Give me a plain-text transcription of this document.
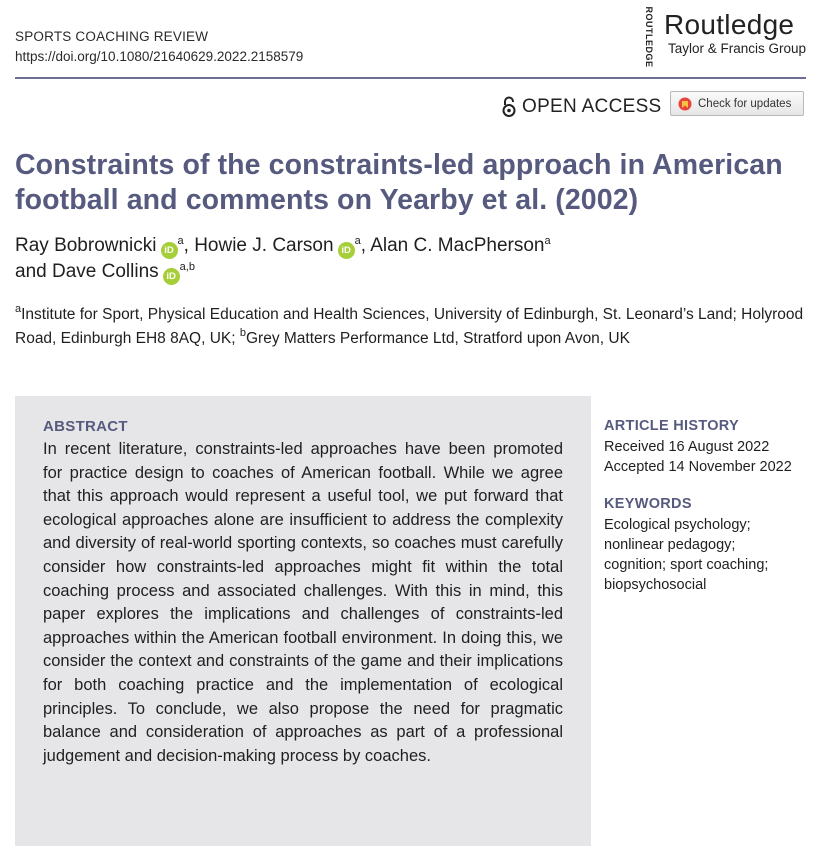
SPORTS COACHING REVIEW
https://doi.org/10.1080/21640629.2022.2158579	ROUTLEDGE Routledge
Taylor & Francis Group
OPEN ACCESS	Check for updates
Constraints of the constraints-led approach in American football and comments on Yearby et al. (2002)
Ray Bobrownicki $iD^a$, Howie J. Carson $iD^a$, Alan C. MacPherson$^a$
and Dave Collins iD$^{a,b}$
$^a$Institute for Sport, Physical Education and Health Sciences, University of Edinburgh, St. Leonard’s Land; Holyrood Road, Edinburgh EH8 8AQ, UK; $^b$Grey Matters Performance Ltd, Stratford upon Avon, UK
ABSTRACT
In recent literature, constraints-led approaches have been promoted for practice design to coaches of American football. While we agree that this approach would represent a useful tool, we put forward that ecological approaches alone are insufficient to address the complexity and diversity of real-world sporting contexts, so coaches must carefully consider how constraints-led approaches might fit within the total coaching process and associated challenges. With this in mind, this paper explores the implications and challenges of constraints-led approaches within the American football environment. In doing this, we consider the context and constraints of the game and their implications for both coaching practice and the implementation of ecological principles. To conclude, we also propose the need for pragmatic balance and consideration of approaches as part of a professional judgement and decision-making process by coaches.
ARTICLE HISTORY
Received 16 August 2022
Accepted 14 November 2022
KEYWORDS
Ecological psychology;
nonlinear pedagogy;
cognition; sport coaching;
biopsychosocial
